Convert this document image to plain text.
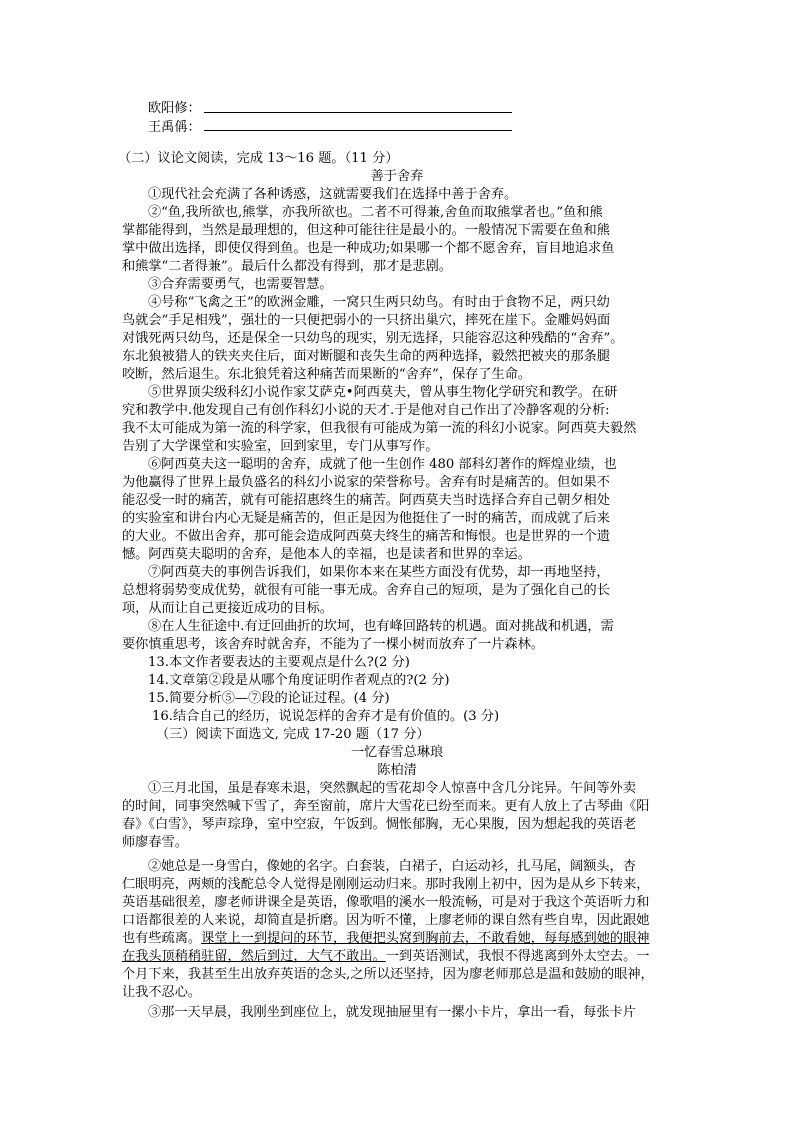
欧阳修：
王禹偁：
（二）议论文阅读，完成 13～16 题。（11 分）
善于舍弃
①现代社会充满了各种诱惑，这就需要我们在选择中善于舍弃。
②“鱼,我所欲也,熊掌，亦我所欲也。二者不可得兼,舍鱼而取熊掌者也。”鱼和熊
掌都能得到，当然是最理想的，但这种可能往往是最小的。一般情况下需要在鱼和熊
掌中做出选择，即使仅得到鱼。也是一种成功;如果哪一个都不愿舍弃，盲目地追求鱼
和熊掌“二者得兼”。最后什么都没有得到，那才是悲剧。
③合弃需要勇气，也需要智慧。
④号称“飞禽之王”的欧洲金雕，一窝只生两只幼鸟。有时由于食物不足，两只幼
鸟就会“手足相残”，强壮的一只便把弱小的一只挤出巢穴，摔死在崖下。金雕妈妈面
对饿死两只幼鸟，还是保全一只幼鸟的现实，别无选择，只能容忍这种残酷的“舍弃”。
东北狼被猎人的铁夹夹住后，面对断腿和丧失生命的两种选择，毅然把被夹的那条腿
咬断，然后退生。东北狼凭着这种痛苦而果断的“舍弃”，保存了生命。
⑤世界顶尖级科幻小说作家艾萨克•阿西莫夫，曾从事生物化学研究和教学。在研
究和教学中.他发现自己有创作科幻小说的天才.于是他对自己作出了冷静客观的分析:
我不太可能成为第一流的科学家，但我很有可能成为第一流的科幻小说家。阿西莫夫毅然
告别了大学课堂和实验室，回到家里，专门从事写作。
⑥阿西莫夫这一聪明的舍弃，成就了他一生创作 480 部科幻著作的辉煌业绩，也
为他赢得了世界上最负盛名的科幻小说家的荣誉称号。舍弃有时是痛苦的。但如果不
能忍受一时的痛苦，就有可能招惠终生的痛苦。阿西莫夫当时选择合弃自己朝夕相处
的实验室和讲台内心无疑是痛苦的，但正是因为他挺住了一时的痛苦，而成就了后来
的大业。不做出舍弃，那可能会造成阿西莫夫终生的痛苦和悔恨。也是世界的一个遗
憾。阿西莫夫聪明的舍弃，是他本人的幸福，也是读者和世界的幸运。
⑦阿西莫夫的事例告诉我们，如果你本来在某些方面没有优势，却一再地坚持，
总想将弱势变成优势，就很有可能一事无成。舍弃自己的短项，是为了强化自己的长
项，从而让自己更接近成功的目标。
⑧在人生征途中.有迂回曲折的坎坷，也有峰回路转的机遇。面对挑战和机遇，需
要你慎重思考，该舍弃时就舍弃，不能为了一棵小树而放弃了一片森林。
13.本文作者要表达的主要观点是什么?(2 分)
14.文章第②段是从哪个角度证明作者观点的?(2 分)
15.简要分析⑤—⑦段的论证过程。(4 分)
16.结合自己的经历，说说怎样的舍弃才是有价值的。(3 分)
（三）阅读下面选文, 完成 17-20 题（17 分）
一忆春雪总琳琅
陈柏清
①三月北国，虽是春寒未退，突然飘起的雪花却令人惊喜中含几分诧异。午间等外卖
的时间，同事突然喊下雪了，奔至窗前，席片大雪花已纷至而来。更有人放上了古琴曲《阳
春》《白雪》，琴声琮琤，室中空寂，午饭到。惆怅郁胸，无心果腹，因为想起我的英语老
师廖春雪。
②她总是一身雪白，像她的名字。白套装，白裙子，白运动衫，扎马尾，阔额头，杏
仁眼明亮，两颊的浅酡总令人觉得是刚刚运动归来。那时我刚上初中，因为是从乡下转来，
英语基础很差，廖老师讲课全是英语，像歌唱的溪水一般流畅，可是对于我这个英语听力和
口语都很差的人来说，却简直是折磨。因为听不懂，上廖老师的课自然有些自卑，因此跟她
也有些疏离。课堂上一到提问的环节，我便把头窝到胸前去，不敢看她，每每感到她的眼神
在我头顶稍稍驻留，然后到过，大气不敢出。一到英语测试，我恨不得逃离到外太空去。一
个月下来，我甚至生出放弃英语的念头,之所以还坚持，因为廖老师那总是温和鼓励的眼神，
让我不忍心。
③那一天早晨，我刚坐到座位上，就发现抽屉里有一摞小卡片，拿出一看，每张卡片
